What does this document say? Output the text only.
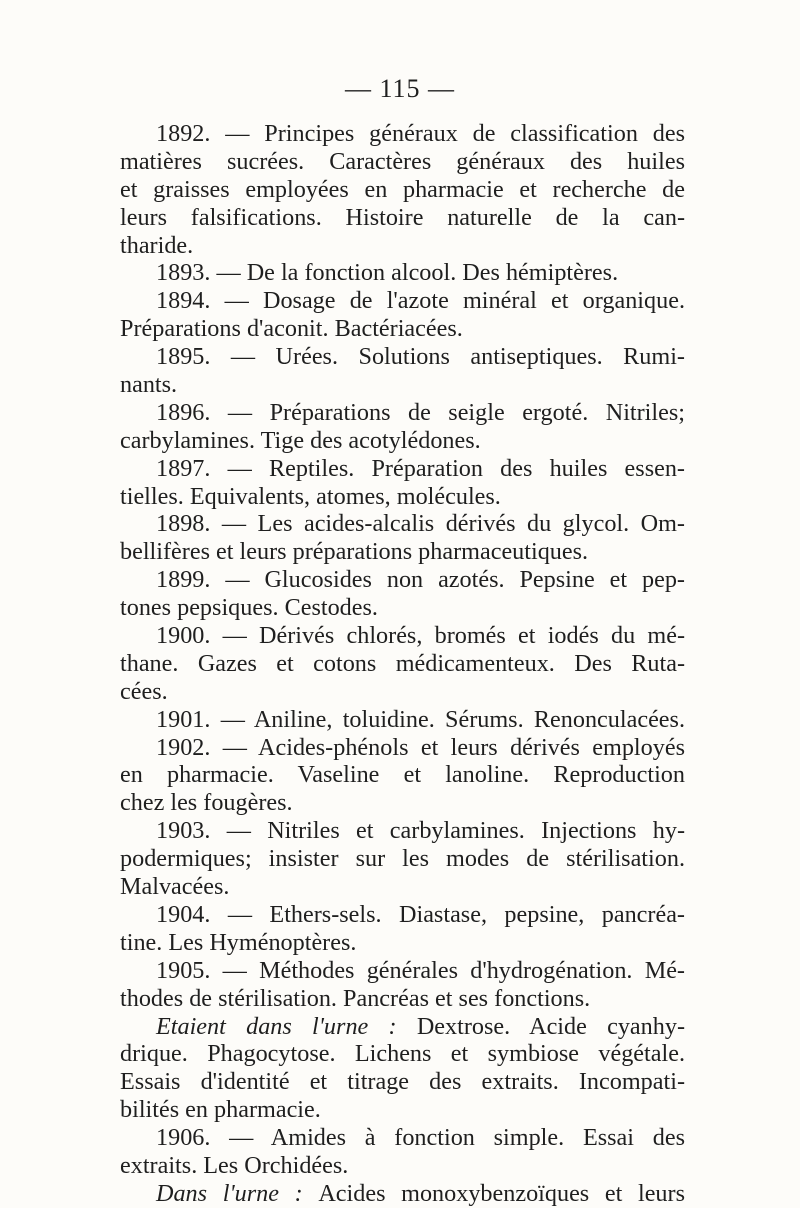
— 115 —
1892. — Principes généraux de classification des
matières sucrées. Caractères généraux des huiles
et graisses employées en pharmacie et recherche de
leurs falsifications. Histoire naturelle de la can-
tharide.
1893. — De la fonction alcool. Des hémiptères.
1894. — Dosage de l'azote minéral et organique.
Préparations d'aconit. Bactériacées.
1895. — Urées. Solutions antiseptiques. Rumi-
nants.
1896. — Préparations de seigle ergoté. Nitriles;
carbylamines. Tige des acotylédones.
1897. — Reptiles. Préparation des huiles essen-
tielles. Equivalents, atomes, molécules.
1898. — Les acides-alcalis dérivés du glycol. Om-
bellifères et leurs préparations pharmaceutiques.
1899. — Glucosides non azotés. Pepsine et pep-
tones pepsiques. Cestodes.
1900. — Dérivés chlorés, bromés et iodés du mé-
thane. Gazes et cotons médicamenteux. Des Ruta-
cées.
1901. — Aniline, toluidine. Sérums. Renonculacées.
1902. — Acides-phénols et leurs dérivés employés
en pharmacie. Vaseline et lanoline. Reproduction
chez les fougères.
1903. — Nitriles et carbylamines. Injections hy-
podermiques; insister sur les modes de stérilisation.
Malvacées.
1904. — Ethers-sels. Diastase, pepsine, pancréa-
tine. Les Hyménoptères.
1905. — Méthodes générales d'hydrogénation. Mé-
thodes de stérilisation. Pancréas et ses fonctions.
Etaient dans l'urne : Dextrose. Acide cyanhy-
drique. Phagocytose. Lichens et symbiose végétale.
Essais d'identité et titrage des extraits. Incompati-
bilités en pharmacie.
1906. — Amides à fonction simple. Essai des
extraits. Les Orchidées.
Dans l'urne : Acides monoxybenzoïques et leurs
